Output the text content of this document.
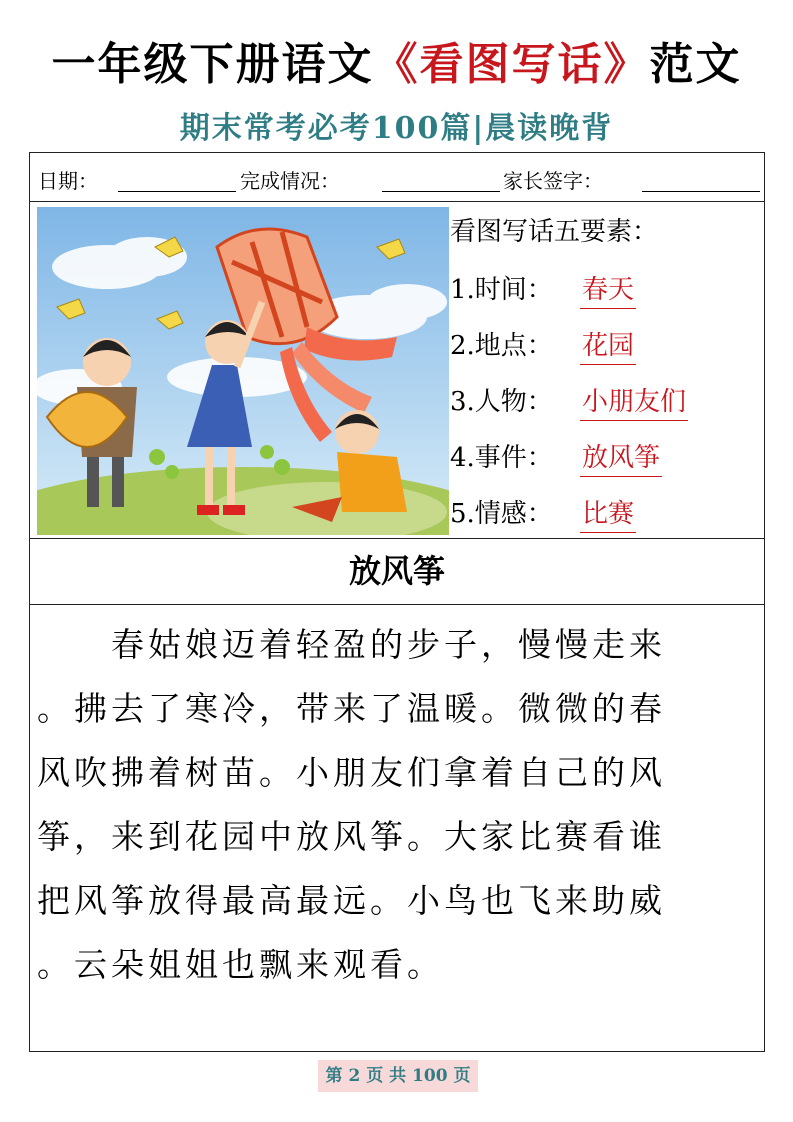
一年级下册语文《看图写话》范文
期末常考必考100篇|晨读晚背
日期：	完成情况：	家长签字：
看图写话五要素：
1.时间： 春天
2.地点： 花园
3.人物： 小朋友们
4.事件： 放风筝
5.情感： 比赛
放风筝

　　春姑娘迈着轻盈的步子，慢慢走来

。拂去了寒冷，带来了温暖。微微的春

风吹拂着树苗。小朋友们拿着自己的风

筝，来到花园中放风筝。大家比赛看谁

把风筝放得最高最远。小鸟也飞来助威

。云朵姐姐也飘来观看。

第 2 页 共 100 页
